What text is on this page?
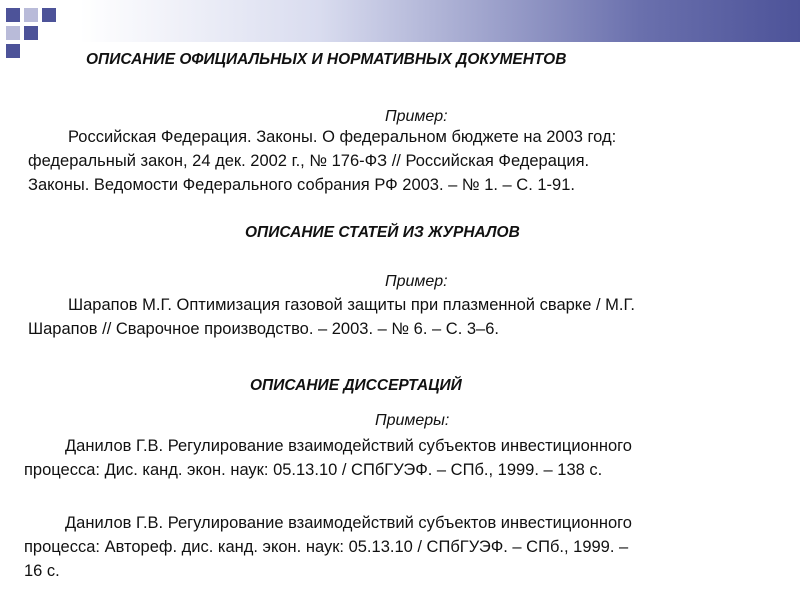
ОПИСАНИЕ ОФИЦИАЛЬНЫХ И НОРМАТИВНЫХ ДОКУМЕНТОВ
Пример:
Российская Федерация. Законы. О федеральном бюджете на 2003 год:
федеральный закон, 24 дек. 2002 г., № 176-ФЗ // Российская Федерация.
Законы. Ведомости Федерального собрания РФ 2003. – № 1. – С. 1-91.
ОПИСАНИЕ СТАТЕЙ ИЗ ЖУРНАЛОВ
Пример:
Шарапов М.Г. Оптимизация газовой защиты при плазменной сварке / М.Г.
Шарапов // Сварочное производство. – 2003. – № 6. – С. 3–6.
ОПИСАНИЕ ДИССЕРТАЦИЙ
Примеры:
Данилов Г.В. Регулирование взаимодействий субъектов инвестиционного
процесса: Дис. канд. экон. наук: 05.13.10 / СПбГУЭФ. – СПб., 1999. – 138 с.
Данилов Г.В. Регулирование взаимодействий субъектов инвестиционного
процесса: Автореф. дис. канд. экон. наук: 05.13.10 / СПбГУЭФ. – СПб., 1999. –
16 с.
